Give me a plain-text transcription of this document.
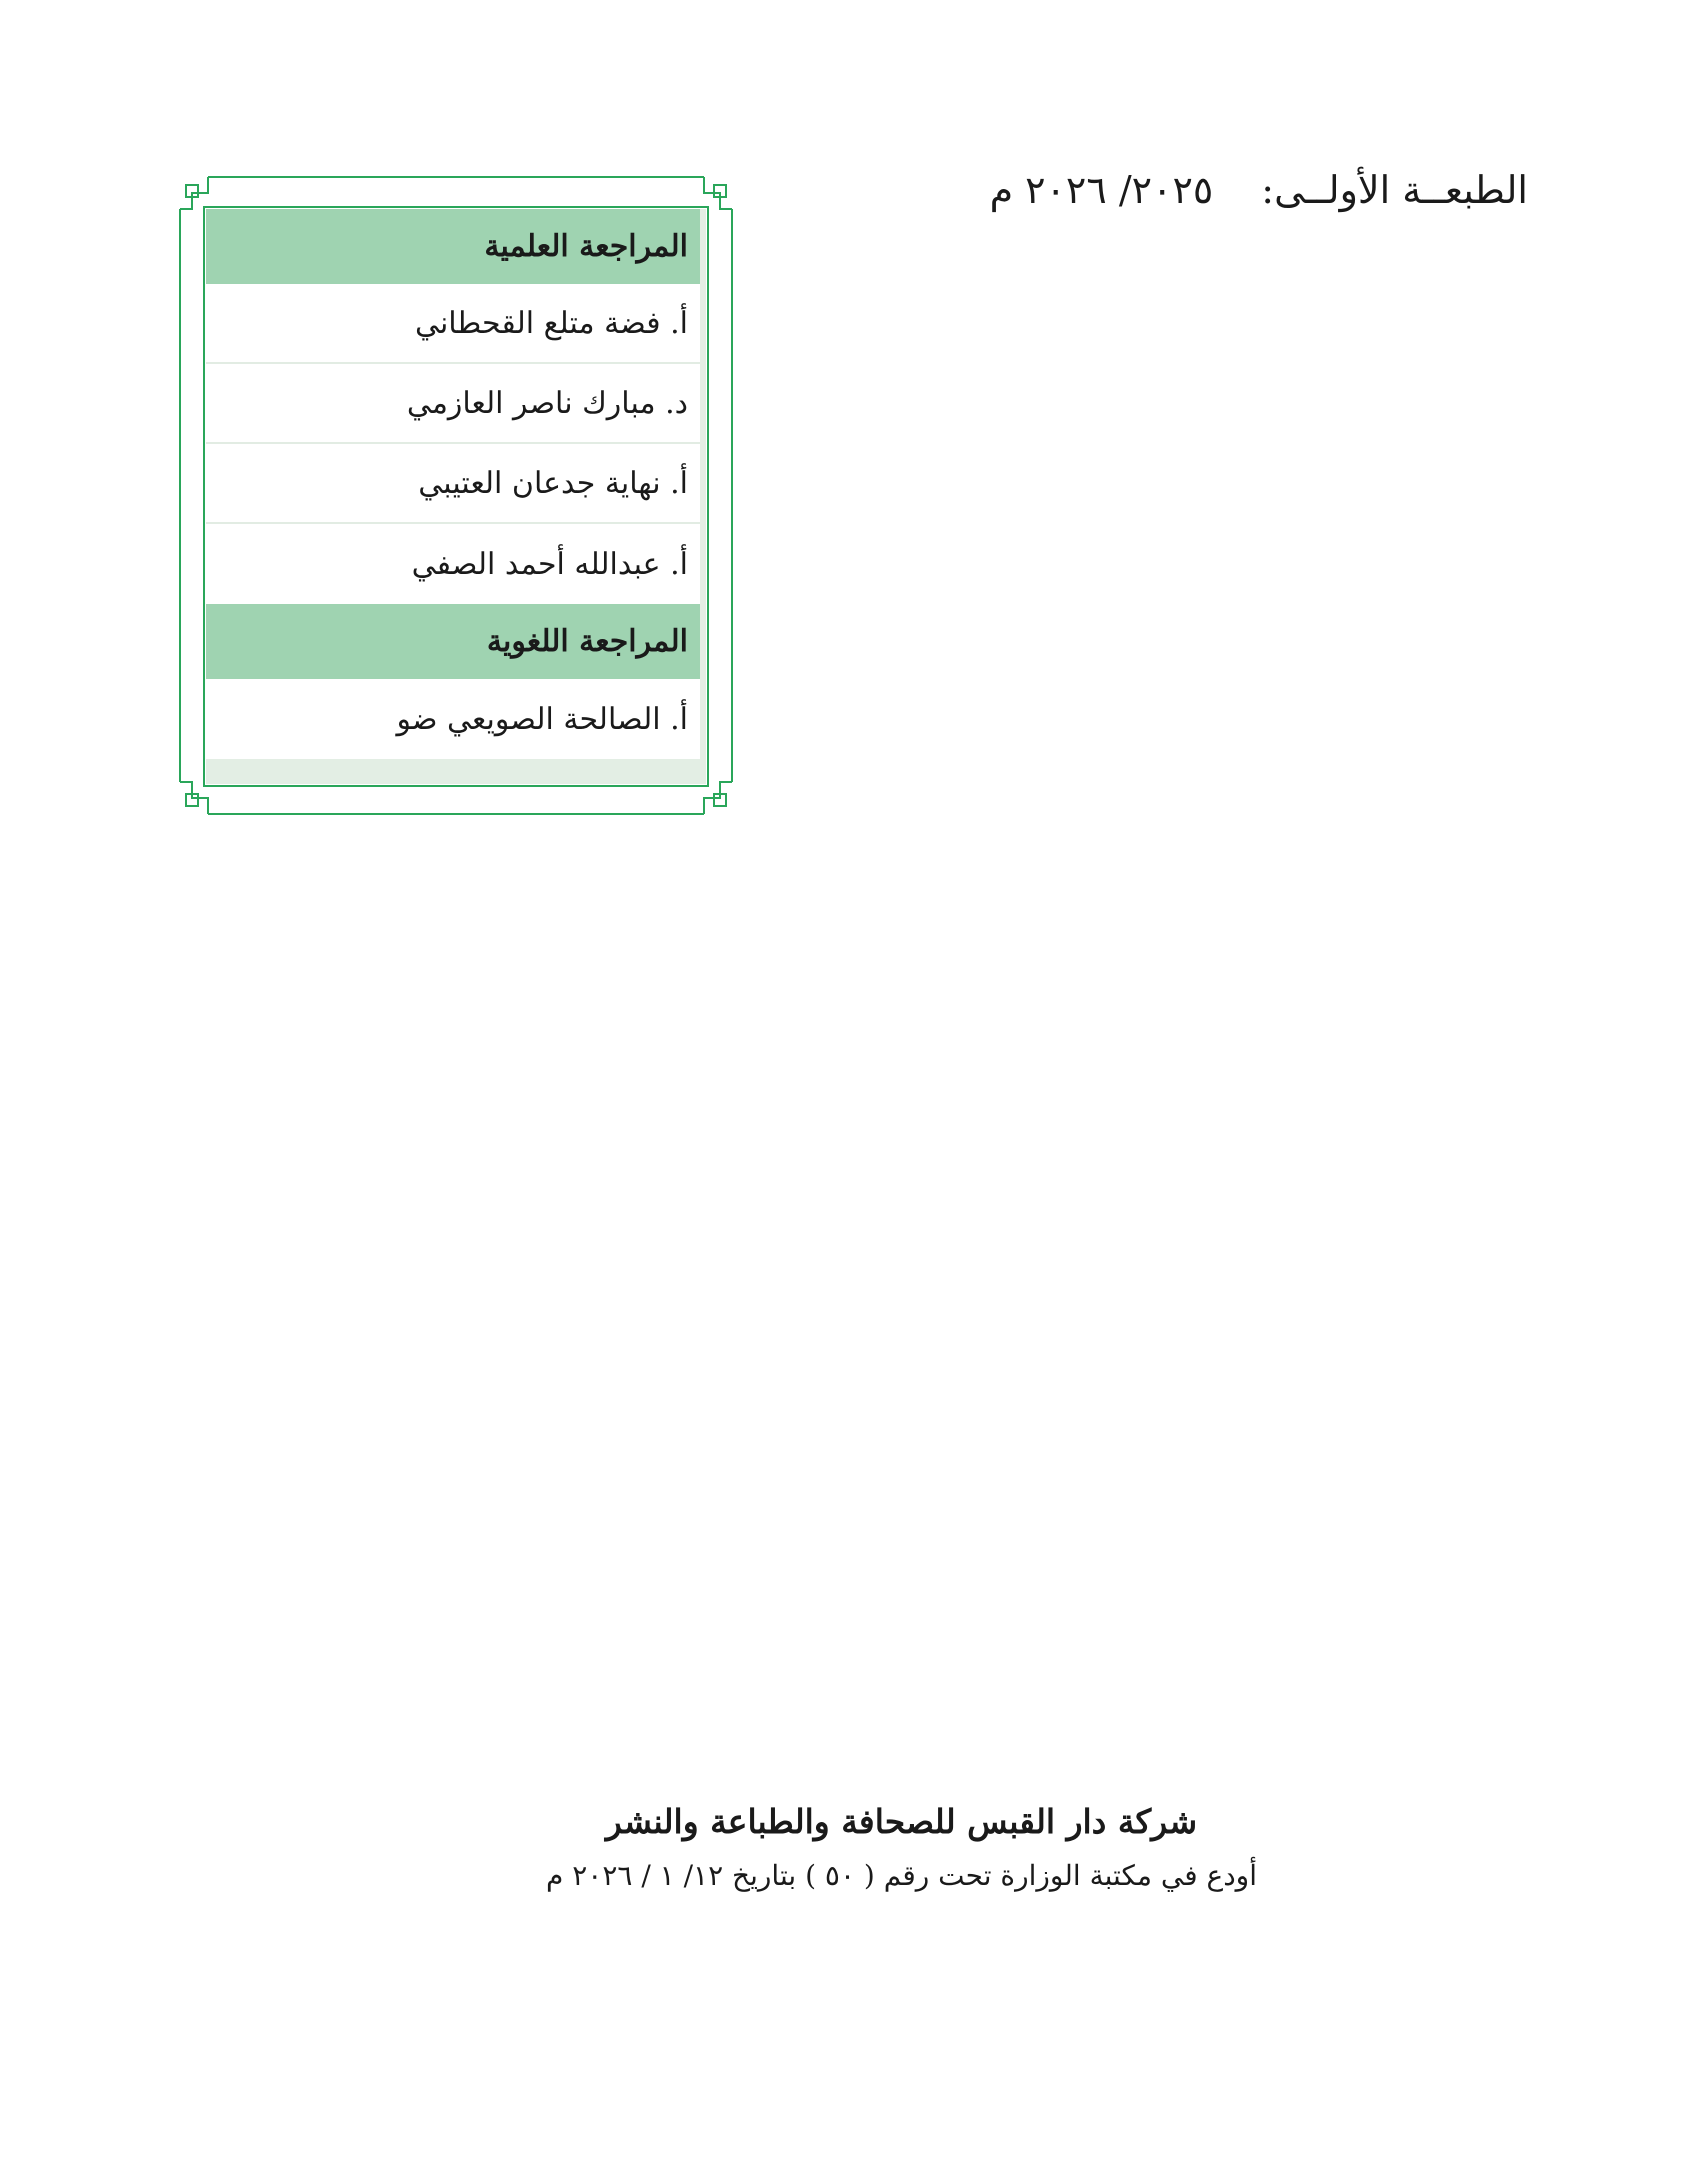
الطبعــة الأولــى:
٢٠٢٥/ ٢٠٢٦
م
المراجعة العلمية
أ. فضة متلع القحطاني
د. مبارك ناصر العازمي
أ. نهاية جدعان العتيبي
أ. عبدالله أحمد الصفي
المراجعة اللغوية
أ. الصالحة الصويعي ضو
شركة دار القبس للصحافة والطباعة والنشر
أودع في مكتبة الوزارة تحت رقم ( ٥٠ ) بتاريخ ١٢/ ١ / ٢٠٢٦ م
